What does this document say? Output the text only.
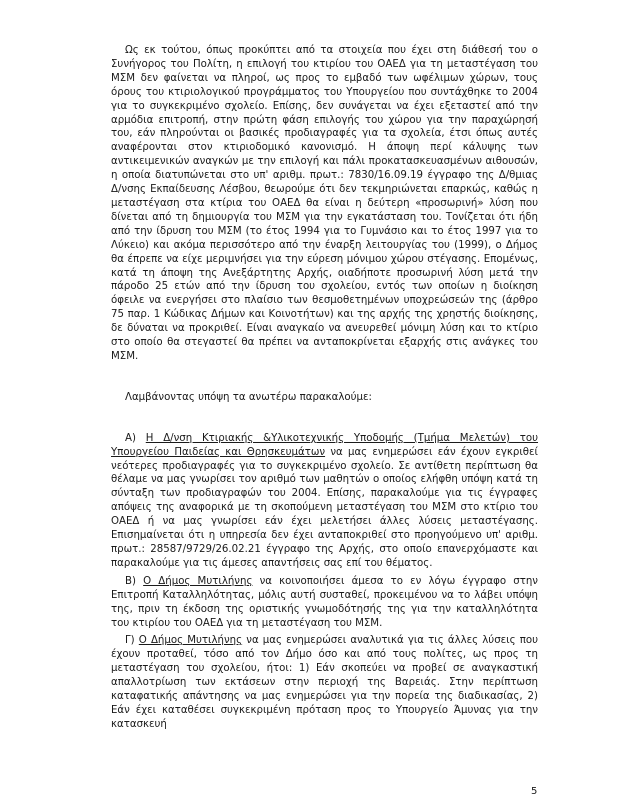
Ως εκ τούτου, όπως προκύπτει από τα στοιχεία που έχει στη διάθεσή του ο Συνήγορος του Πολίτη, η επιλογή του κτιρίου του ΟΑΕΔ για τη μεταστέγαση του ΜΣΜ δεν φαίνεται να πληροί, ως προς το εμβαδό των ωφέλιμων χώρων, τους όρους του κτιριολογικού προγράμματος του Υπουργείου που συντάχθηκε το 2004 για το συγκεκριμένο σχολείο. Επίσης, δεν συνάγεται να έχει εξεταστεί από την αρμόδια επιτροπή, στην πρώτη φάση επιλογής του χώρου για την παραχώρησή του, εάν πληρούνται οι βασικές προδιαγραφές για τα σχολεία, έτσι όπως αυτές αναφέρονται στον κτιριοδομικό κανονισμό. Η άποψη περί κάλυψης των αντικειμενικών αναγκών με την επιλογή και πάλι προκατασκευασμένων αιθουσών, η οποία διατυπώνεται στο υπ' αριθμ. πρωτ.: 7830/16.09.19 έγγραφο της Δ/θμιας Δ/νσης Εκπαίδευσης Λέσβου, θεωρούμε ότι δεν τεκμηριώνεται επαρκώς, καθώς η μεταστέγαση στα κτίρια του ΟΑΕΔ θα είναι η δεύτερη «προσωρινή» λύση που δίνεται από τη δημιουργία του ΜΣΜ για την εγκατάσταση του. Τονίζεται ότι ήδη από την ίδρυση του ΜΣΜ (το έτος 1994 για το Γυμνάσιο και το έτος 1997 για το Λύκειο) και ακόμα περισσότερο από την έναρξη λειτουργίας του (1999), ο Δήμος θα έπρεπε να είχε μεριμνήσει για την εύρεση μόνιμου χώρου στέγασης. Επομένως, κατά τη άποψη της Ανεξάρτητης Αρχής, οιαδήποτε προσωρινή λύση μετά την πάροδο 25 ετών από την ίδρυση του σχολείου, εντός των οποίων η διοίκηση όφειλε να ενεργήσει στο πλαίσιο των θεσμοθετημένων υποχρεώσεών της (άρθρο 75 παρ. 1 Κώδικας Δήμων και Κοινοτήτων) και της αρχής της χρηστής διοίκησης, δε δύναται να προκριθεί. Είναι αναγκαίο να ανευρεθεί μόνιμη λύση και το κτίριο στο οποίο θα στεγαστεί θα πρέπει να ανταποκρίνεται εξαρχής στις ανάγκες του ΜΣΜ.

Λαμβάνοντας υπόψη τα ανωτέρω παρακαλούμε:

Α) Η Δ/νση Κτιριακής &Υλικοτεχνικής Υποδομής (Τμήμα Μελετών) του Υπουργείου Παιδείας και Θρησκευμάτων να μας ενημερώσει εάν έχουν εγκριθεί νεότερες προδιαγραφές για το συγκεκριμένο σχολείο. Σε αντίθετη περίπτωση θα θέλαμε να μας γνωρίσει τον αριθμό των μαθητών ο οποίος ελήφθη υπόψη κατά τη σύνταξη των προδιαγραφών του 2004. Επίσης, παρακαλούμε για τις έγγραφες απόψεις της αναφορικά με τη σκοπούμενη μεταστέγαση του ΜΣΜ στο κτίριο του ΟΑΕΔ ή να μας γνωρίσει εάν έχει μελετήσει άλλες λύσεις μεταστέγασης. Επισημαίνεται ότι η υπηρεσία δεν έχει ανταποκριθεί στο προηγούμενο υπ' αριθμ. πρωτ.: 28587/9729/26.02.21 έγγραφο της Αρχής, στο οποίο επανερχόμαστε και παρακαλούμε για τις άμεσες απαντήσεις σας επί του θέματος.

Β) Ο Δήμος Μυτιλήνης να κοινοποιήσει άμεσα το εν λόγω έγγραφο στην Επιτροπή Καταλληλότητας, μόλις αυτή συσταθεί, προκειμένου να το λάβει υπόψη της, πριν τη έκδοση της οριστικής γνωμοδότησής της για την καταλληλότητα του κτιρίου του ΟΑΕΔ για τη μεταστέγαση του ΜΣΜ.

Γ) Ο Δήμος Μυτιλήνης να μας ενημερώσει αναλυτικά για τις άλλες λύσεις που έχουν προταθεί, τόσο από τον Δήμο όσο και από τους πολίτες, ως προς τη μεταστέγαση του σχολείου, ήτοι: 1) Εάν σκοπεύει να προβεί σε αναγκαστική απαλλοτρίωση των εκτάσεων στην περιοχή της Βαρειάς. Στην περίπτωση καταφατικής απάντησης να μας ενημερώσει για την πορεία της διαδικασίας, 2) Εάν έχει καταθέσει συγκεκριμένη πρόταση προς το Υπουργείο Άμυνας για την κατασκευή

5
